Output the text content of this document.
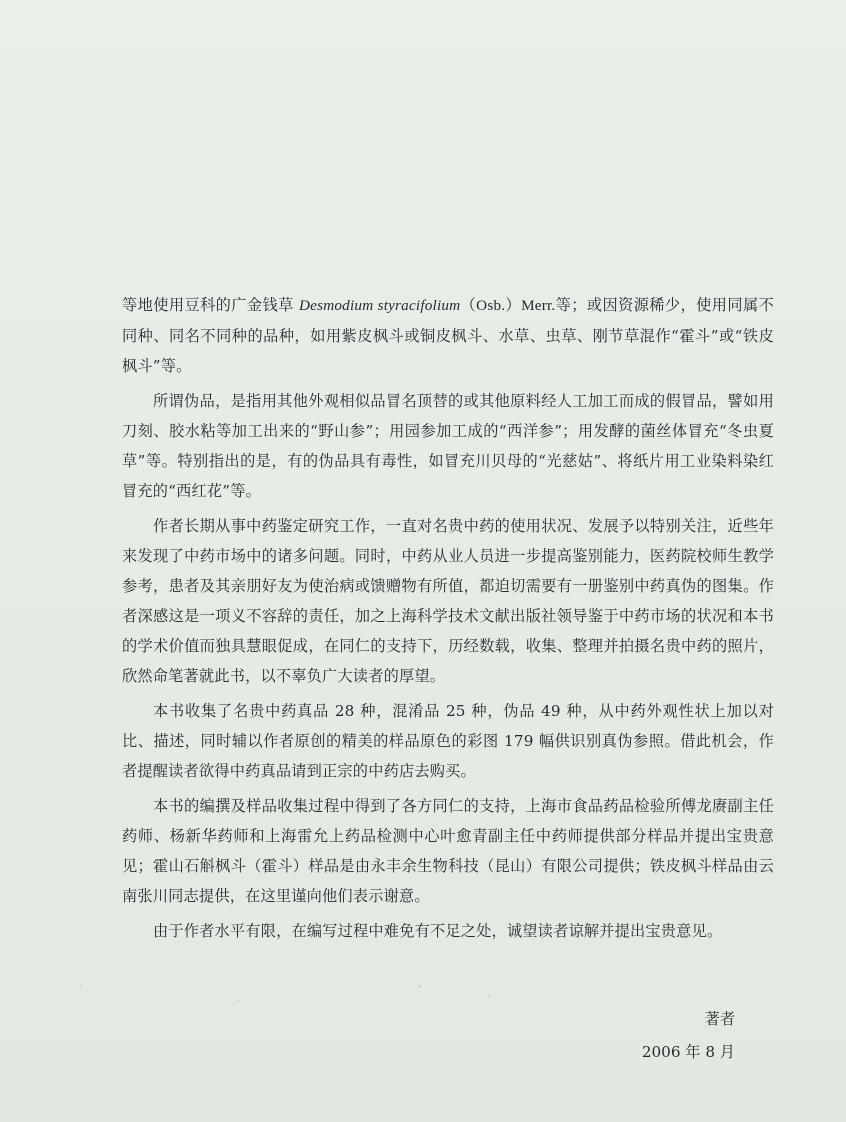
等地使用豆科的广金钱草 Desmodium styracifolium（Osb.）Merr.等；或因资源稀少，使用同属不同种、同名不同种的品种，如用紫皮枫斗或铜皮枫斗、水草、虫草、刚节草混作“霍斗”或“铁皮枫斗”等。

所谓伪品，是指用其他外观相似品冒名顶替的或其他原料经人工加工而成的假冒品，譬如用刀刻、胶水粘等加工出来的“野山参”；用园参加工成的“西洋参”；用发酵的菌丝体冒充“冬虫夏草”等。特别指出的是，有的伪品具有毒性，如冒充川贝母的“光慈姑”、将纸片用工业染料染红冒充的“西红花”等。

作者长期从事中药鉴定研究工作，一直对名贵中药的使用状况、发展予以特别关注，近些年来发现了中药市场中的诸多问题。同时，中药从业人员进一步提高鉴别能力，医药院校师生教学参考，患者及其亲朋好友为使治病或馈赠物有所值，都迫切需要有一册鉴别中药真伪的图集。作者深感这是一项义不容辞的责任，加之上海科学技术文献出版社领导鉴于中药市场的状况和本书的学术价值而独具慧眼促成，在同仁的支持下，历经数载，收集、整理并拍摄名贵中药的照片，欣然命笔著就此书，以不辜负广大读者的厚望。

本书收集了名贵中药真品 28 种，混淆品 25 种，伪品 49 种，从中药外观性状上加以对比、描述，同时辅以作者原创的精美的样品原色的彩图 179 幅供识别真伪参照。借此机会，作者提醒读者欲得中药真品请到正宗的中药店去购买。

本书的编撰及样品收集过程中得到了各方同仁的支持，上海市食品药品检验所傅龙赓副主任药师、杨新华药师和上海雷允上药品检测中心叶愈青副主任中药师提供部分样品并提出宝贵意见；霍山石斛枫斗（霍斗）样品是由永丰余生物科技（昆山）有限公司提供；铁皮枫斗样品由云南张川同志提供，在这里谨向他们表示谢意。

由于作者水平有限，在编写过程中难免有不足之处，诚望读者谅解并提出宝贵意见。

著者

2006 年 8 月
